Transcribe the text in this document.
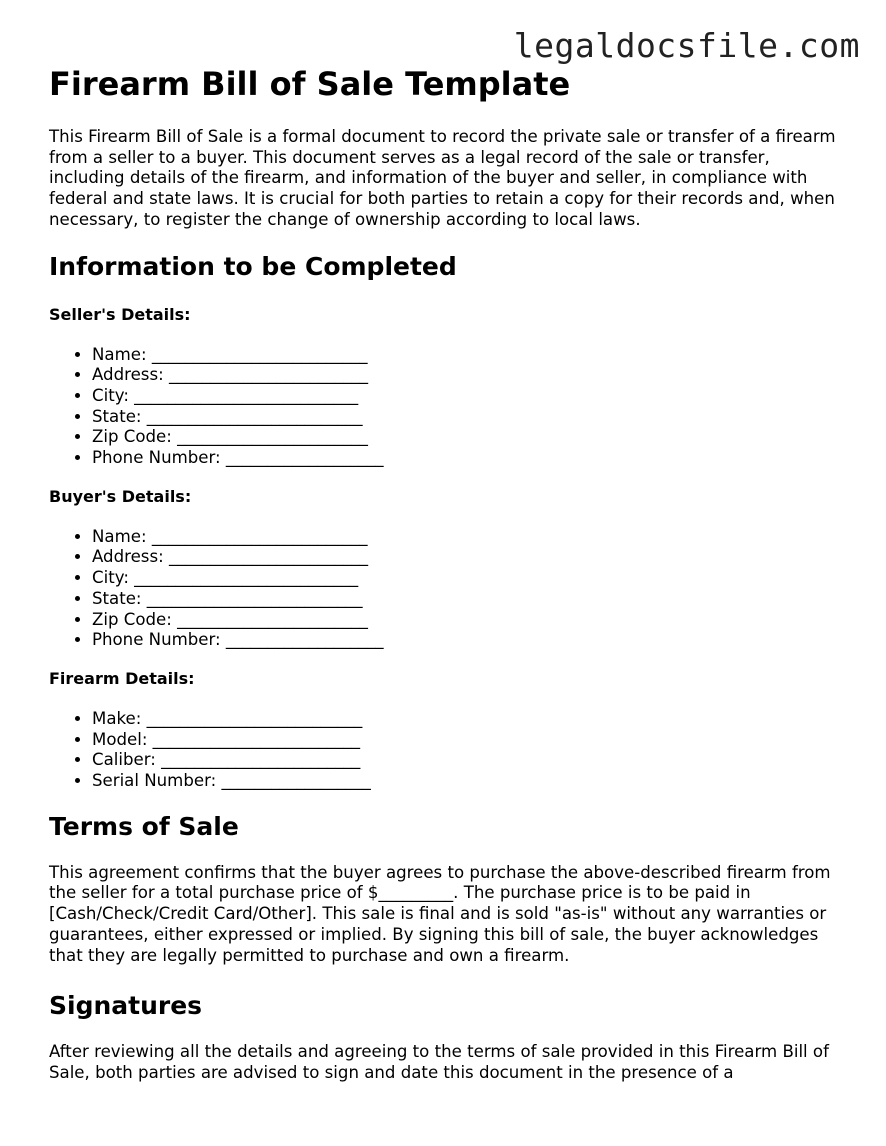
legaldocsfile.com
Firearm Bill of Sale Template

This Firearm Bill of Sale is a formal document to record the private sale or transfer of a firearm from a seller to a buyer. This document serves as a legal record of the sale or transfer, including details of the firearm, and information of the buyer and seller, in compliance with federal and state laws. It is crucial for both parties to retain a copy for their records and, when necessary, to register the change of ownership according to local laws.

Information to be Completed
Seller's Details:
• Name: __________________________
• Address: ________________________
• City: ___________________________
• State: __________________________
• Zip Code: _______________________
• Phone Number: ___________________
Buyer's Details:
• Name: __________________________
• Address: ________________________
• City: ___________________________
• State: __________________________
• Zip Code: _______________________
• Phone Number: ___________________
Firearm Details:
• Make: __________________________
• Model: _________________________
• Caliber: ________________________
• Serial Number: __________________
Terms of Sale

This agreement confirms that the buyer agrees to purchase the above-described firearm from the seller for a total purchase price of $_________. The purchase price is to be paid in [Cash/Check/Credit Card/Other]. This sale is final and is sold "as-is" without any warranties or guarantees, either expressed or implied. By signing this bill of sale, the buyer acknowledges that they are legally permitted to purchase and own a firearm.

Signatures

After reviewing all the details and agreeing to the terms of sale provided in this Firearm Bill of Sale, both parties are advised to sign and date this document in the presence of a
